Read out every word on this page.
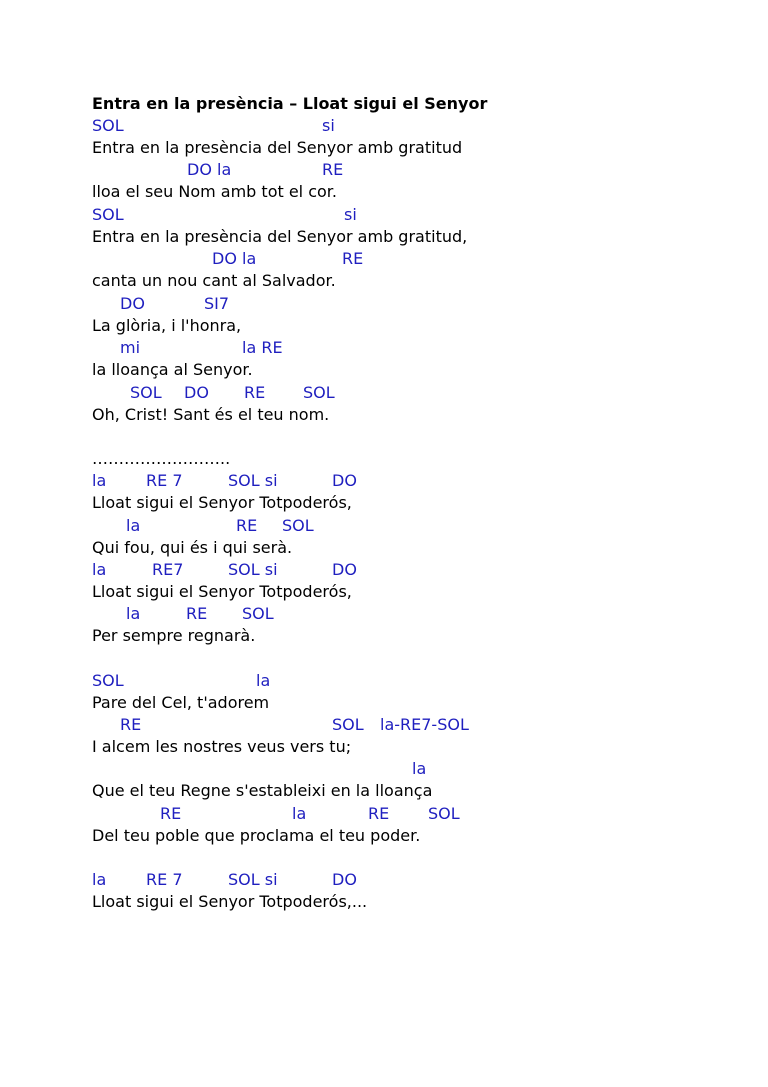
Entra en la presència – Lloat sigui el Senyor
SOL	si
Entra en la presència del Senyor amb gratitud
DO la	RE
lloa el seu Nom amb tot el cor.
SOL	si
Entra en la presència del Senyor amb gratitud,
DO la	RE
canta un nou cant al Salvador.
DO	SI7
La glòria, i l'honra,
mi	la RE
la lloança al Senyor.
SOL DO RE SOL
Oh, Crist! Sant és el teu nom.
……………………..
la RE 7	SOL si	DO
Lloat sigui el Senyor Totpoderós,
la	RE SOL
Qui fou, qui és i qui serà.
la	RE7	SOL si	DO
Lloat sigui el Senyor Totpoderós,
la	RE SOL
Per sempre regnarà.
SOL	la
Pare del Cel, t'adorem
RE	SOL la-RE7-SOL
I alcem les nostres veus vers tu;
la
Que el teu Regne s'estableixi en la lloança
RE	la	RE SOL
Del teu poble que proclama el teu poder.
la RE 7	SOL si	DO
Lloat sigui el Senyor Totpoderós,...
